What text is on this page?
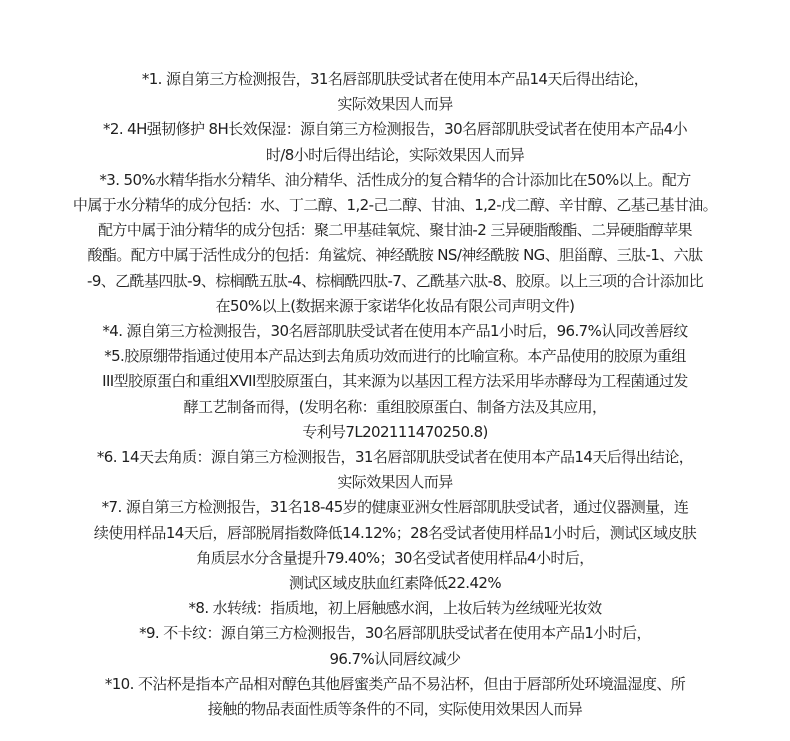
*1. 源自第三方检测报告，31名唇部肌肤受试者在使用本产品14天后得出结论，
实际效果因人而异
*2. 4H强韧修护 8H长效保湿：源自第三方检测报告，30名唇部肌肤受试者在使用本产品4小
时/8小时后得出结论，实际效果因人而异
*3. 50%水精华指水分精华、油分精华、活性成分的复合精华的合计添加比在50%以上。配方
中属于水分精华的成分包括：水、丁二醇、1,2-己二醇、甘油、1,2-戊二醇、辛甘醇、乙基己基甘油。
配方中属于油分精华的成分包括：聚二甲基硅氧烷、聚甘油-2 三异硬脂酸酯、二异硬脂醇苹果
酸酯。配方中属于活性成分的包括：角鲨烷、神经酰胺 NS/神经酰胺 NG、胆甾醇、三肽-1、六肽
-9、乙酰基四肽-9、棕榈酰五肽-4、棕榈酰四肽-7、乙酰基六肽-8、胶原。以上三项的合计添加比
在50%以上(数据来源于家诺华化妆品有限公司声明文件)
*4. 源自第三方检测报告，30名唇部肌肤受试者在使用本产品1小时后，96.7%认同改善唇纹
*5.胶原绷带指通过使用本产品达到去角质功效而进行的比喻宣称。本产品使用的胶原为重组
III型胶原蛋白和重组XVII型胶原蛋白，其来源为以基因工程方法采用毕赤酵母为工程菌通过发
酵工艺制备而得，(发明名称：重组胶原蛋白、制备方法及其应用，
专利号7L202111470250.8)
*6. 14天去角质：源自第三方检测报告，31名唇部肌肤受试者在使用本产品14天后得出结论，
实际效果因人而异
*7. 源自第三方检测报告，31名18-45岁的健康亚洲女性唇部肌肤受试者，通过仪器测量，连
续使用样品14天后，唇部脱屑指数降低14.12%；28名受试者使用样品1小时后，测试区域皮肤
角质层水分含量提升79.40%；30名受试者使用样品4小时后，
测试区域皮肤血红素降低22.42%
*8. 水转绒：指质地，初上唇触感水润，上妆后转为丝绒哑光妆效
*9. 不卡纹：源自第三方检测报告，30名唇部肌肤受试者在使用本产品1小时后，
96.7%认同唇纹减少
*10. 不沾杯是指本产品相对醇色其他唇蜜类产品不易沾杯，但由于唇部所处环境温湿度、所
接触的物品表面性质等条件的不同，实际使用效果因人而异
